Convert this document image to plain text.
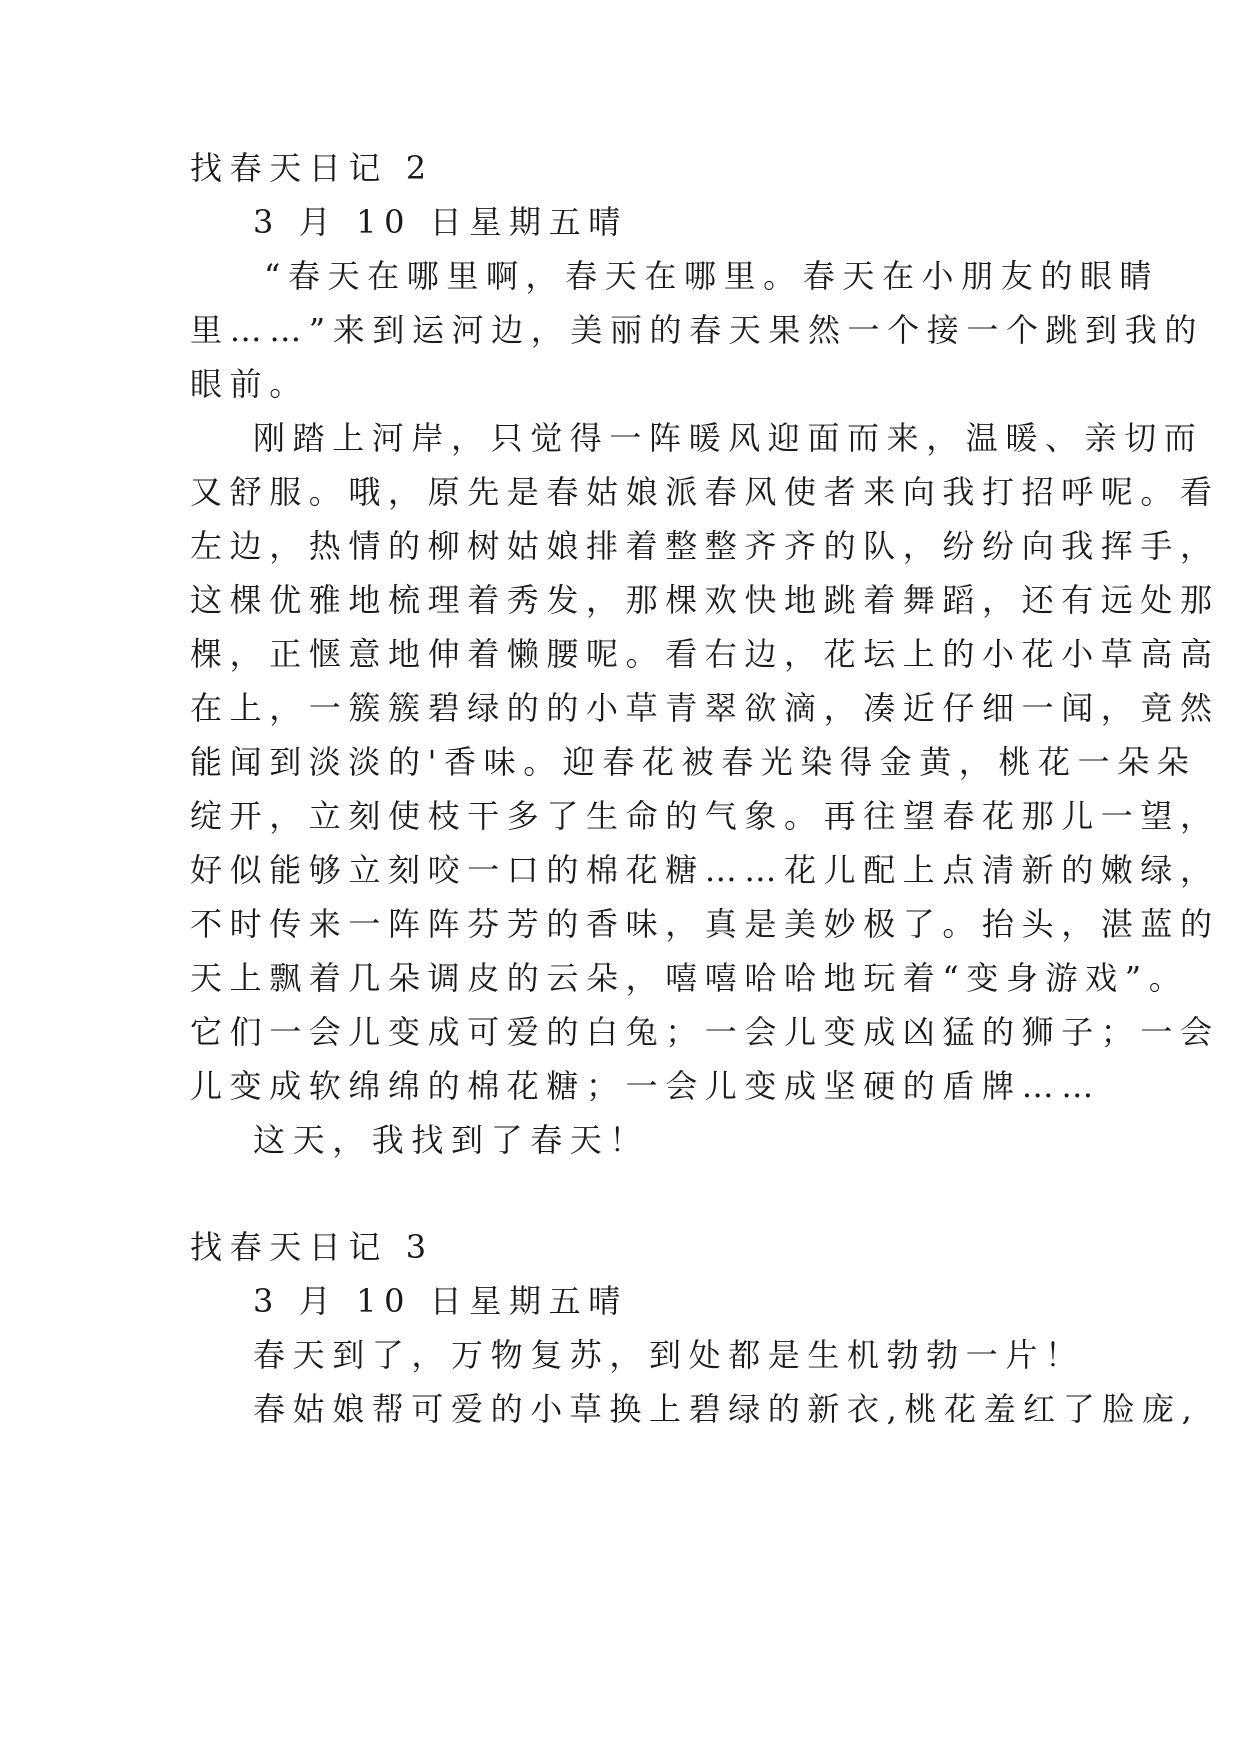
找春天日记 2
3 月 10 日星期五晴
“春天在哪里啊，春天在哪里。春天在小朋友的眼睛
里……”来到运河边，美丽的春天果然一个接一个跳到我的
眼前。
刚踏上河岸，只觉得一阵暖风迎面而来，温暖、亲切而
又舒服。哦，原先是春姑娘派春风使者来向我打招呼呢。看
左边，热情的柳树姑娘排着整整齐齐的队，纷纷向我挥手，
这棵优雅地梳理着秀发，那棵欢快地跳着舞蹈，还有远处那
棵，正惬意地伸着懒腰呢。看右边，花坛上的小花小草高高
在上，一簇簇碧绿的的小草青翠欲滴，凑近仔细一闻，竟然
能闻到淡淡的'香味。迎春花被春光染得金黄，桃花一朵朵
绽开，立刻使枝干多了生命的气象。再往望春花那儿一望，
好似能够立刻咬一口的棉花糖……花儿配上点清新的嫩绿，
不时传来一阵阵芬芳的香味，真是美妙极了。抬头，湛蓝的
天上飘着几朵调皮的云朵，嘻嘻哈哈地玩着“变身游戏”。
它们一会儿变成可爱的白兔；一会儿变成凶猛的狮子；一会
儿变成软绵绵的棉花糖；一会儿变成坚硬的盾牌……
这天，我找到了春天！
找春天日记 3
3 月 10 日星期五晴
春天到了，万物复苏，到处都是生机勃勃一片！
春姑娘帮可爱的小草换上碧绿的新衣,桃花羞红了脸庞,
